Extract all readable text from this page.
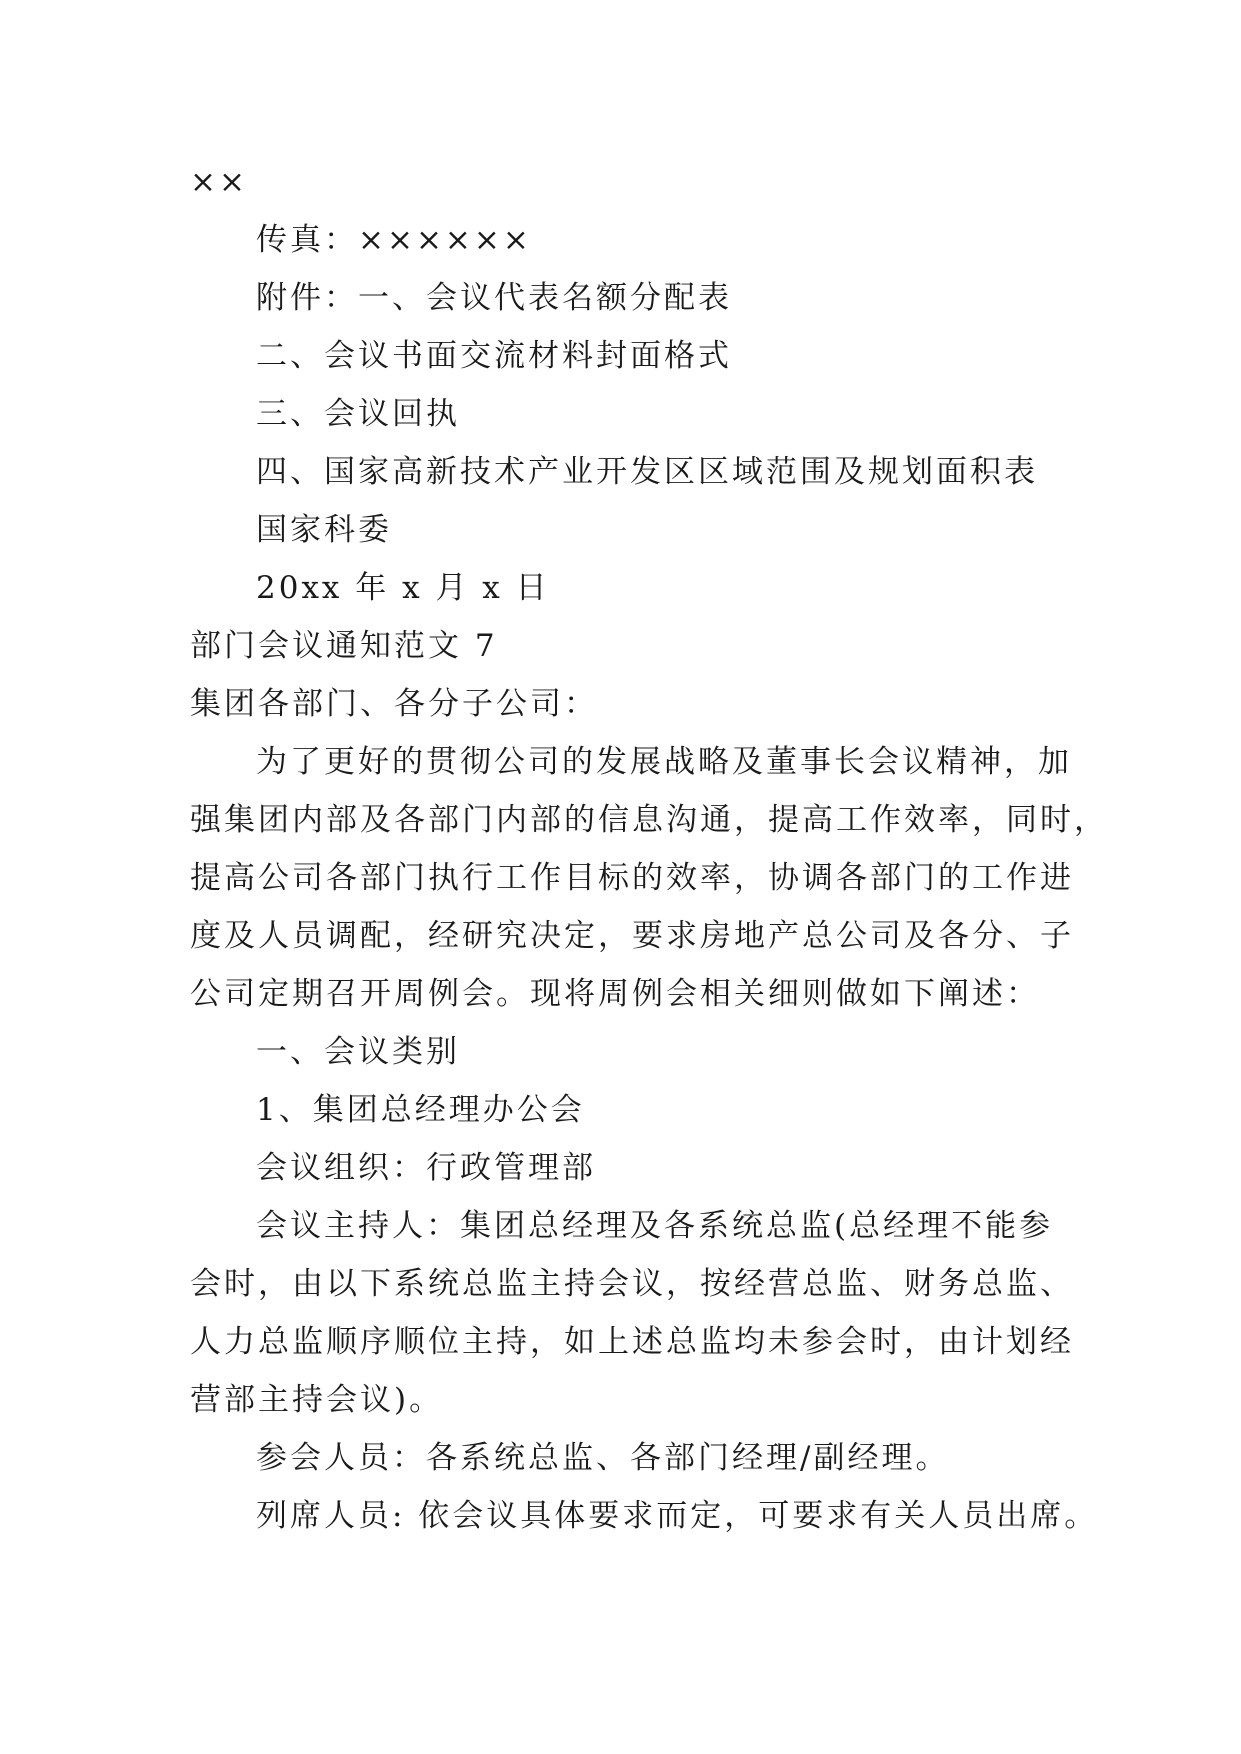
××
传真：××××××
附件：一、会议代表名额分配表
二、会议书面交流材料封面格式
三、会议回执
四、国家高新技术产业开发区区域范围及规划面积表
国家科委
20xx 年 x 月 x 日
部门会议通知范文 7
集团各部门、各分子公司：
为了更好的贯彻公司的发展战略及董事长会议精神，加
强集团内部及各部门内部的信息沟通，提高工作效率，同时，
提高公司各部门执行工作目标的效率，协调各部门的工作进
度及人员调配，经研究决定，要求房地产总公司及各分、子
公司定期召开周例会。现将周例会相关细则做如下阐述：
一、会议类别
1、集团总经理办公会
会议组织：行政管理部
会议主持人：集团总经理及各系统总监(总经理不能参
会时，由以下系统总监主持会议，按经营总监、财务总监、
人力总监顺序顺位主持，如上述总监均未参会时，由计划经
营部主持会议)。
参会人员：各系统总监、各部门经理/副经理。
列席人员: 依会议具体要求而定，可要求有关人员出席。
